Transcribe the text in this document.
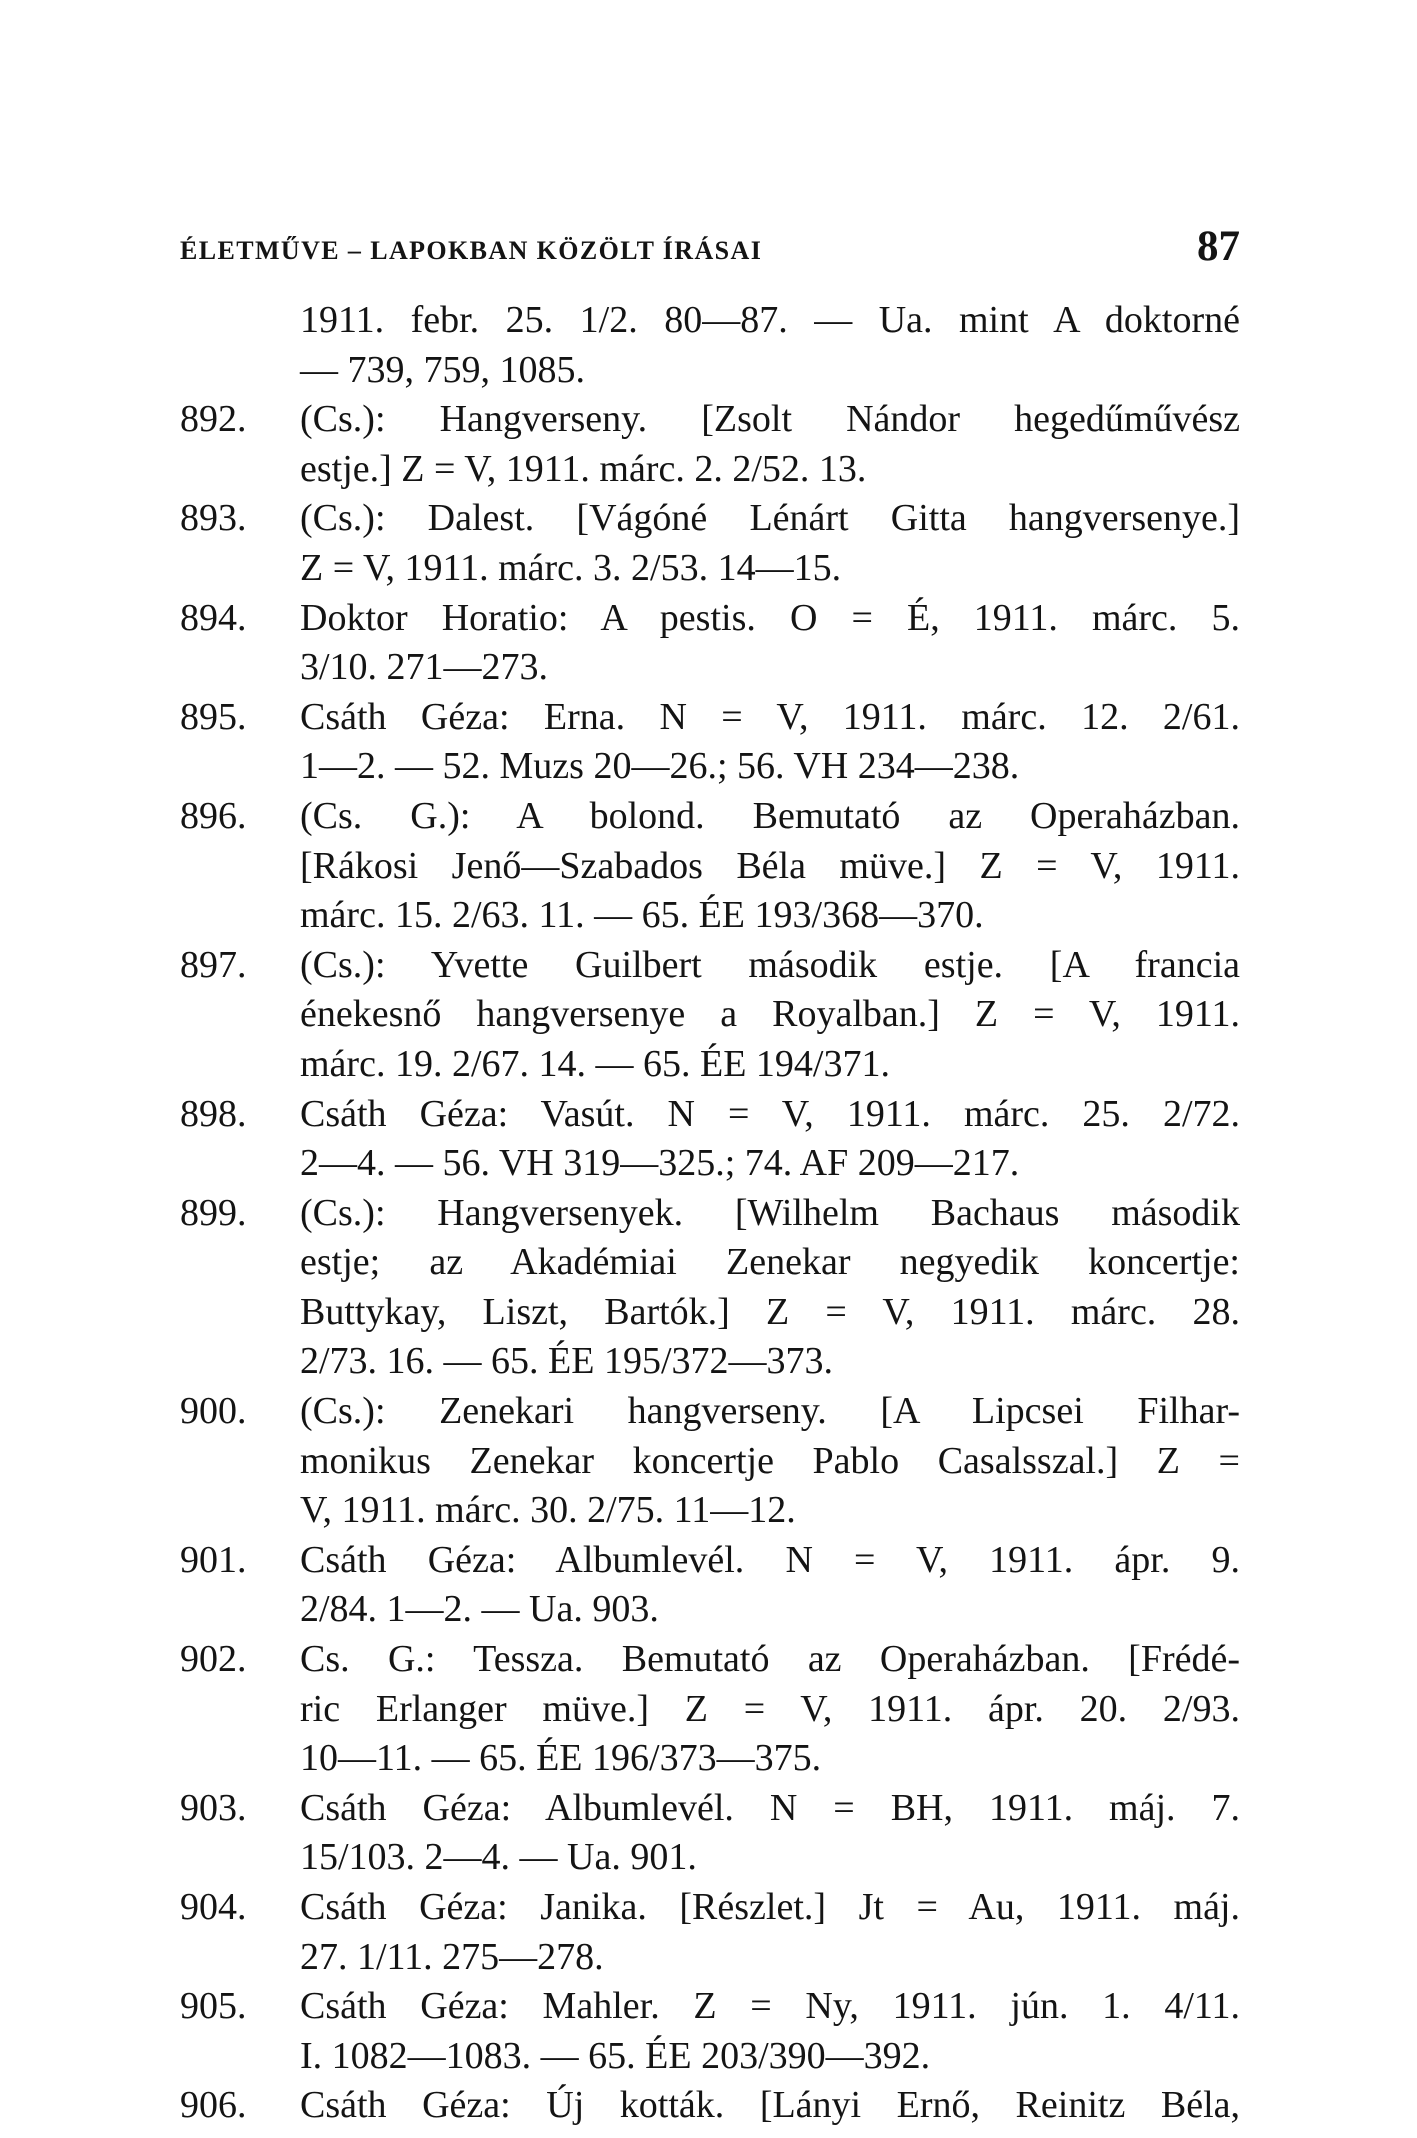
ÉLETMŰVE – LAPOKBAN KÖZÖLT ÍRÁSAI	87
1911. febr. 25. 1/2. 80—87. — Ua. mint A doktorné
— 739, 759, 1085.
892.	(Cs.): Hangverseny. [Zsolt Nándor hegedűművész
estje.] Z = V, 1911. márc. 2. 2/52. 13.
893.	(Cs.): Dalest. [Vágóné Lénárt Gitta hangversenye.]
Z = V, 1911. márc. 3. 2/53. 14—15.
894.	Doktor Horatio: A pestis. O = É, 1911. márc. 5.
3/10. 271—273.
895.	Csáth Géza: Erna. N = V, 1911. márc. 12. 2/61.
1—2. — 52. Muzs 20—26.; 56. VH 234—238.
896.	(Cs. G.): A bolond. Bemutató az Operaházban.
[Rákosi Jenő—Szabados Béla müve.] Z = V, 1911.
márc. 15. 2/63. 11. — 65. ÉE 193/368—370.
897.	(Cs.): Yvette Guilbert második estje. [A francia
énekesnő hangversenye a Royalban.] Z = V, 1911.
márc. 19. 2/67. 14. — 65. ÉE 194/371.
898.	Csáth Géza: Vasút. N = V, 1911. márc. 25. 2/72.
2—4. — 56. VH 319—325.; 74. AF 209—217.
899.	(Cs.): Hangversenyek. [Wilhelm Bachaus második
estje; az Akadémiai Zenekar negyedik koncertje:
Buttykay, Liszt, Bartók.] Z = V, 1911. márc. 28.
2/73. 16. — 65. ÉE 195/372—373.
900.	(Cs.): Zenekari hangverseny. [A Lipcsei Filhar-
monikus Zenekar koncertje Pablo Casalsszal.] Z =
V, 1911. márc. 30. 2/75. 11—12.
901.	Csáth Géza: Albumlevél. N = V, 1911. ápr. 9.
2/84. 1—2. — Ua. 903.
902.	Cs. G.: Tessza. Bemutató az Operaházban. [Frédé-
ric Erlanger müve.] Z = V, 1911. ápr. 20. 2/93.
10—11. — 65. ÉE 196/373—375.
903.	Csáth Géza: Albumlevél. N = BH, 1911. máj. 7.
15/103. 2—4. — Ua. 901.
904.	Csáth Géza: Janika. [Részlet.] Jt = Au, 1911. máj.
27. 1/11. 275—278.
905.	Csáth Géza: Mahler. Z = Ny, 1911. jún. 1. 4/11.
I. 1082—1083. — 65. ÉE 203/390—392.
906.	Csáth Géza: Új kották. [Lányi Ernő, Reinitz Béla,
